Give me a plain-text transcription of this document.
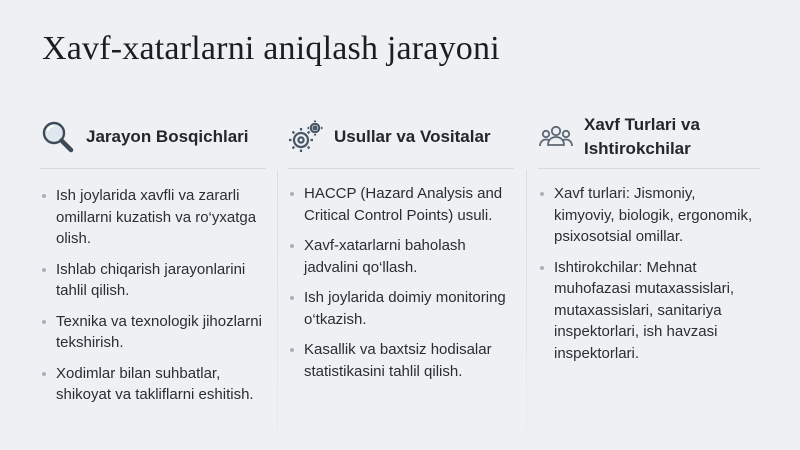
Xavf-xatarlarni aniqlash jarayoni
Jarayon Bosqichlari
Ish joylarida xavfli va zararli omillarni kuzatish va ro‘yxatga olish.
Ishlab chiqarish jarayonlarini tahlil qilish.
Texnika va texnologik jihozlarni tekshirish.
Xodimlar bilan suhbatlar, shikoyat va takliflarni eshitish.
Usullar va Vositalar
HACCP (Hazard Analysis and Critical Control Points) usuli.
Xavf-xatarlarni baholash jadvalini qo‘llash.
Ish joylarida doimiy monitoring o‘tkazish.
Kasallik va baxtsiz hodisalar statistikasini tahlil qilish.
Xavf Turlari va Ishtirokchilar
Xavf turlari: Jismoniy, kimyoviy, biologik, ergonomik, psixosotsial omillar.
Ishtirokchilar: Mehnat muhofazasi mutaxassislari, mutaxassislari, sanitariya inspektorlari, ish havzasi inspektorlari.
